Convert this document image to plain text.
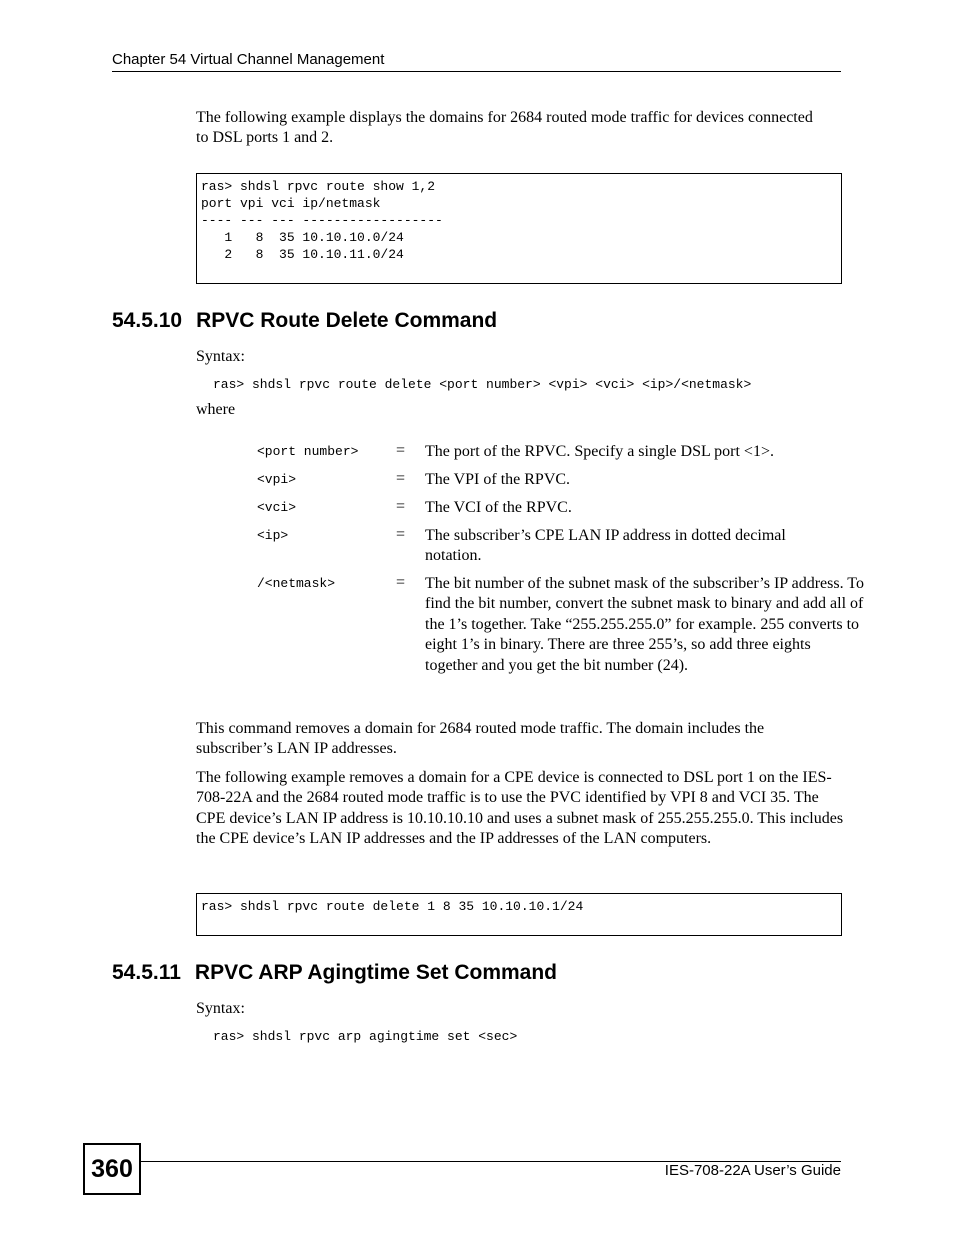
Chapter 54 Virtual Channel Management
The following example displays the domains for 2684 routed mode traffic for devices connected to DSL ports 1 and 2.
ras> shdsl rpvc route show 1,2
port vpi vci ip/netmask
---- --- --- ------------------
1   8  35 10.10.10.0/24
2   8  35 10.10.11.0/24
54.5.10 RPVC Route Delete Command
Syntax:
ras> shdsl rpvc route delete <port number> <vpi> <vci> <ip>/<netmask>
where
<port number> = The port of the RPVC. Specify a single DSL port <1>.
<vpi>	= The VPI of the RPVC.
<vci>	= The VCI of the RPVC.
<ip>	= The subscriber’s CPE LAN IP address in dotted decimal notation.
/<netmask>	= The bit number of the subnet mask of the subscriber’s IP address. To find the bit number, convert the subnet mask to binary and add all of the 1’s together. Take “255.255.255.0” for example. 255 converts to eight 1’s in binary. There are three 255’s, so add three eights together and you get the bit number (24).
This command removes a domain for 2684 routed mode traffic. The domain includes the subscriber’s LAN IP addresses.
The following example removes a domain for a CPE device is connected to DSL port 1 on the IES-708-22A and the 2684 routed mode traffic is to use the PVC identified by VPI 8 and VCI 35. The CPE device’s LAN IP address is 10.10.10.10 and uses a subnet mask of 255.255.255.0. This includes the CPE device’s LAN IP addresses and the IP addresses of the LAN computers.
ras> shdsl rpvc route delete 1 8 35 10.10.10.1/24
54.5.11 RPVC ARP Agingtime Set Command
Syntax:
ras> shdsl rpvc arp agingtime set <sec>
360	IES-708-22A User’s Guide
